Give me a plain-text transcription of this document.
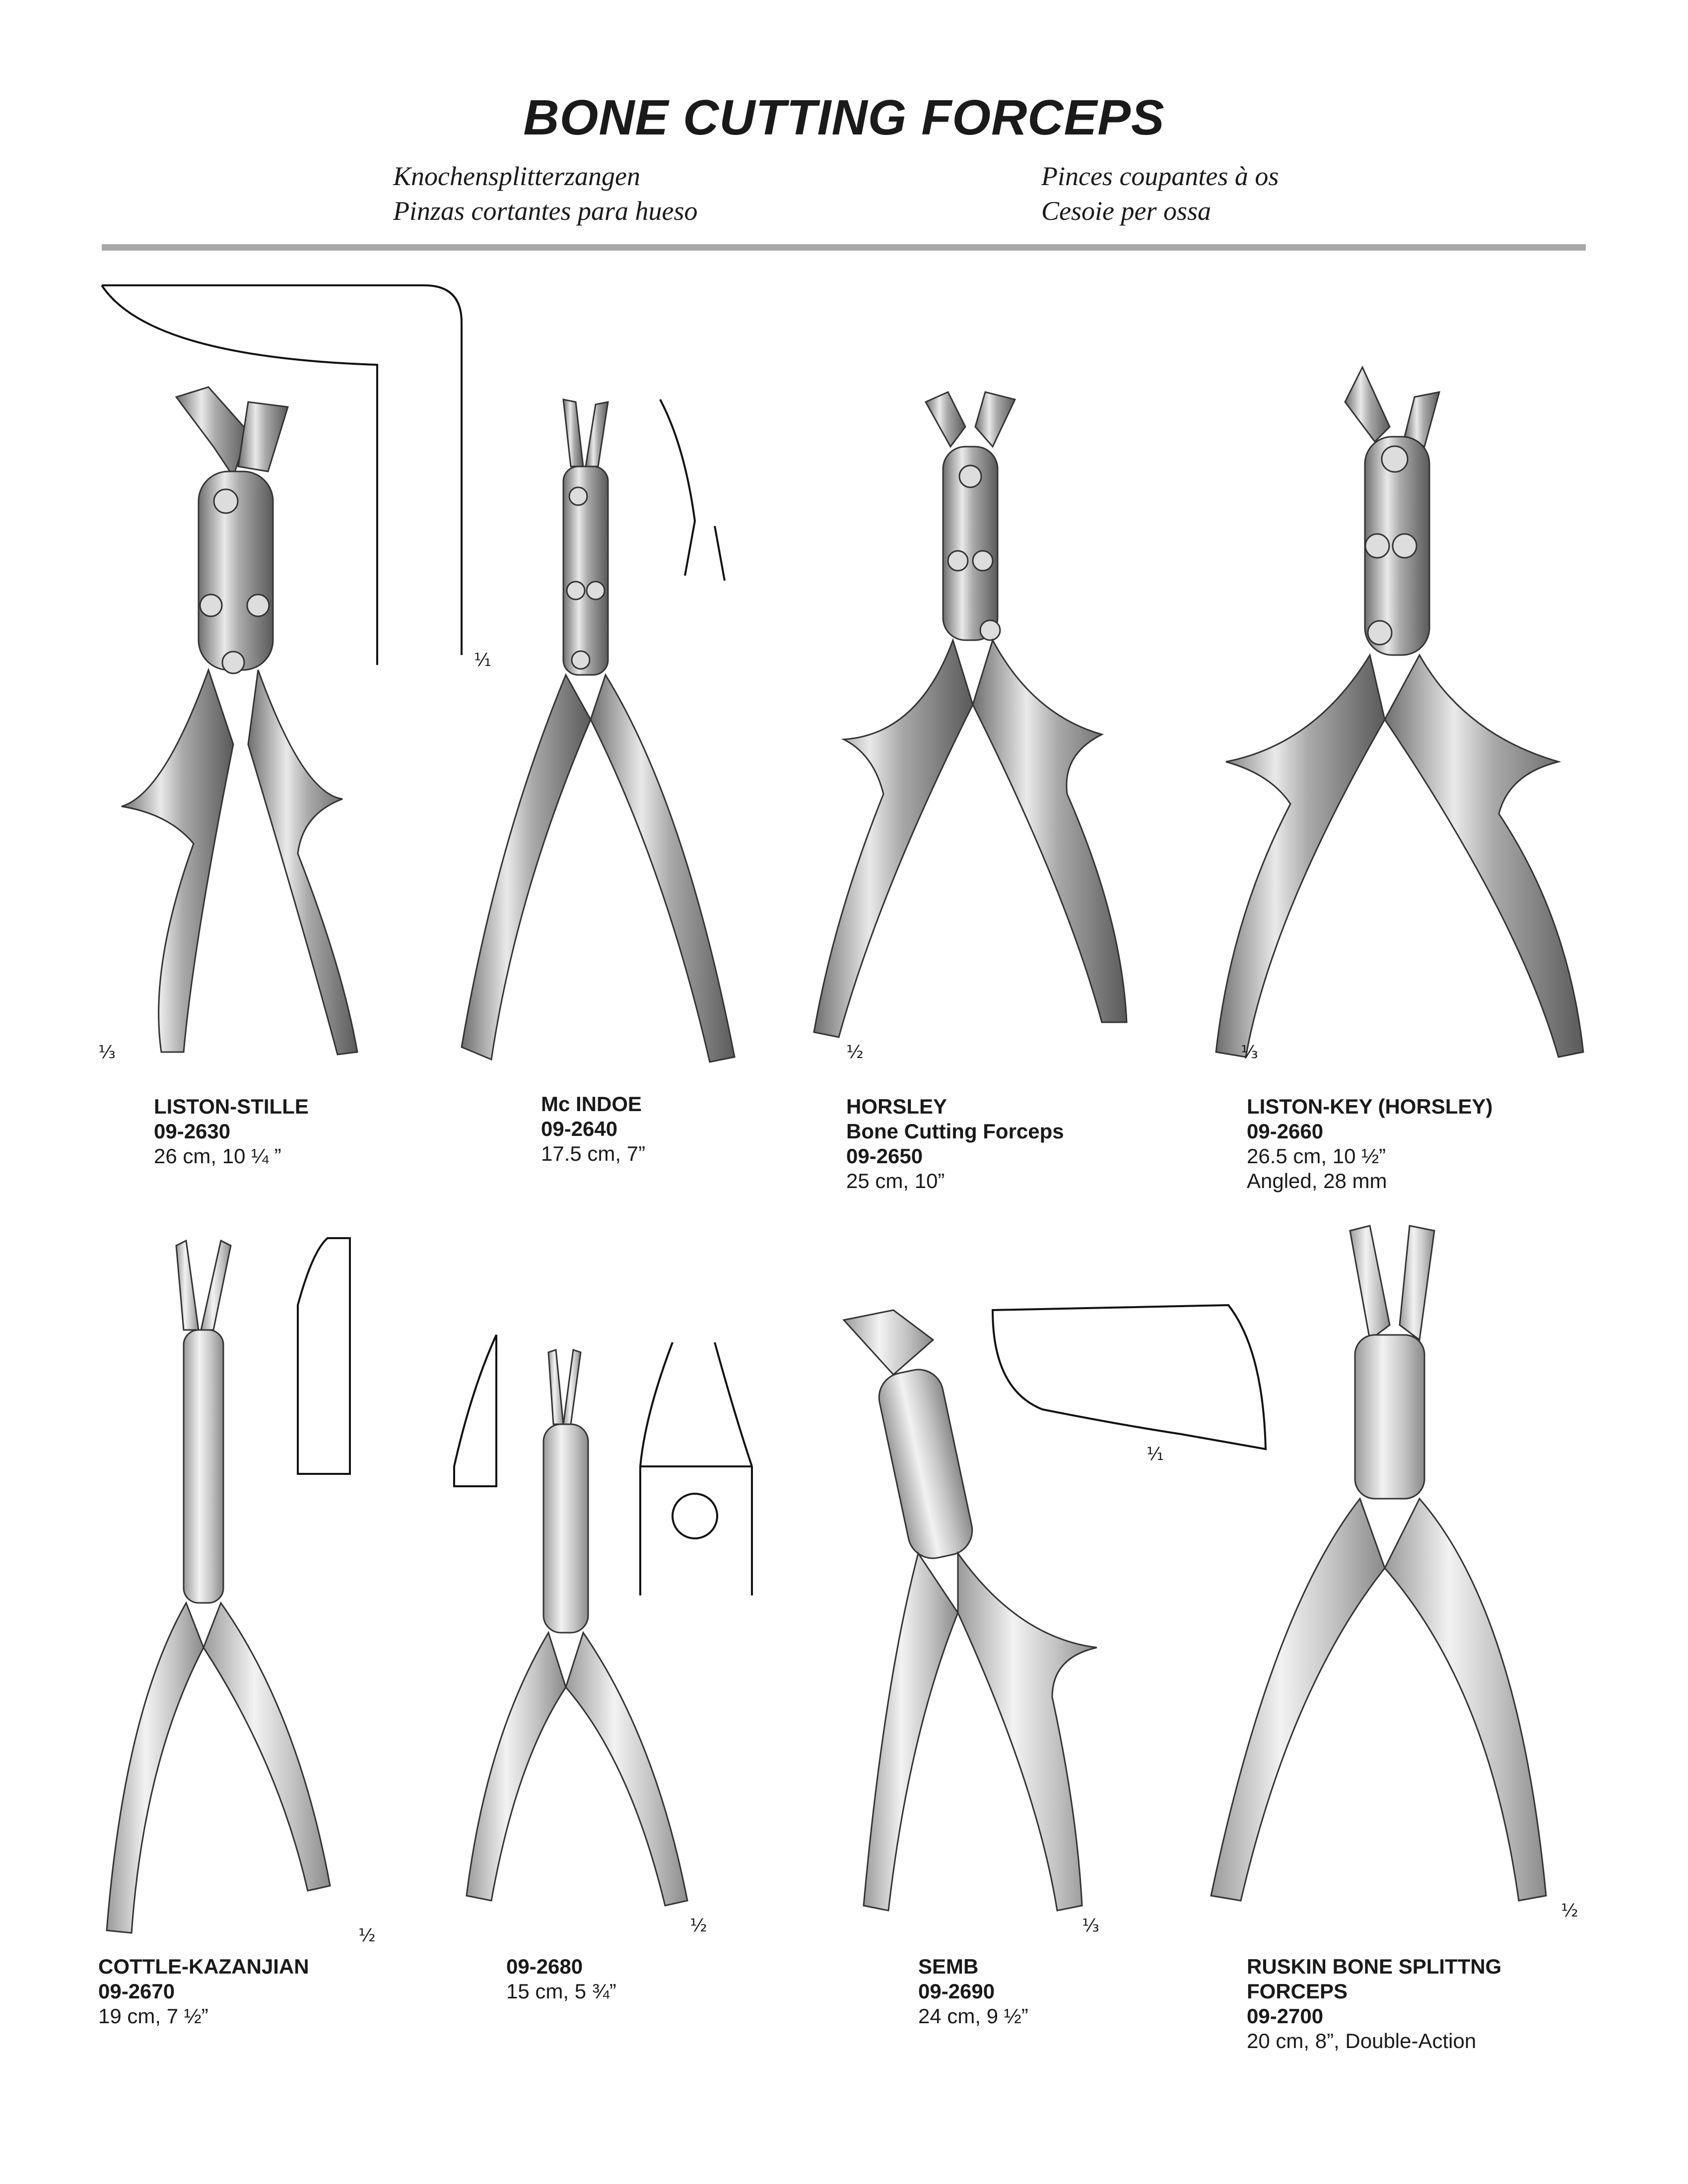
BONE CUTTING FORCEPS
Knochensplitterzangen
Pinzas cortantes para hueso
Pinces coupantes à os
Cesoie per ossa
¹⁄₁
⅓	½	⅓
½	½
¹⁄₁
⅓
½
LISTON-STILLE
09-2630
26 cm, 10 ¼ ”
Mc INDOE
09-2640
17.5 cm, 7”
HORSLEY
Bone Cutting Forceps
09-2650
25 cm, 10”
LISTON-KEY (HORSLEY)
09-2660
26.5 cm, 10 ½”
Angled, 28 mm
COTTLE-KAZANJIAN
09-2670
19 cm, 7 ½”
09-2680
15 cm, 5 ¾”
SEMB
09-2690
24 cm, 9 ½”
RUSKIN BONE SPLITTNG
FORCEPS
09-2700
20 cm, 8”, Double-Action
